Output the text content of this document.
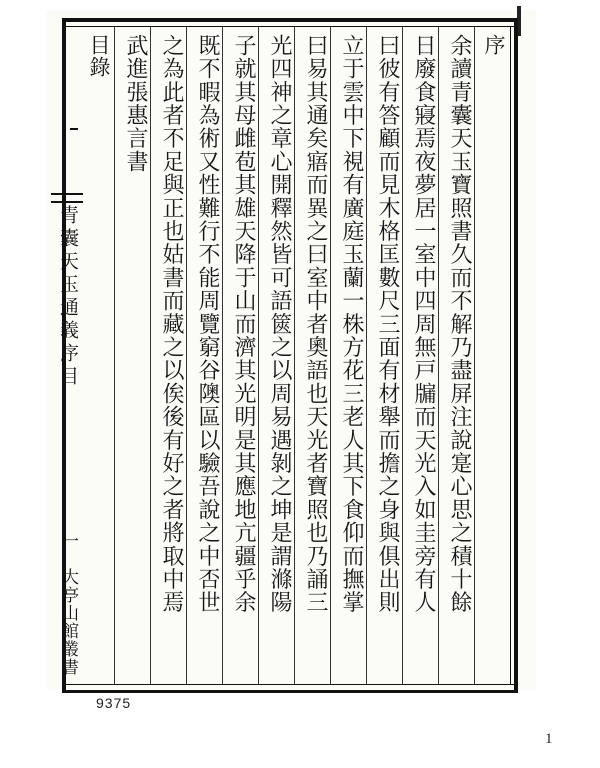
青囊天玉通義序目
一　大亭山館叢書
序
余讀青囊天玉寶照書久而不解乃盡屏注說寔心思之積十餘
日廢食寢焉夜夢居一室中四周無戸牖而天光入如圭旁有人
曰彼有答顧而見木格匡數尺三面有材舉而擔之身與俱出則
立于雲中下視有廣庭玉蘭一株方花三老人其下食仰而撫掌
曰易其通矣寤而異之曰室中者奧語也天光者寶照也乃誦三
光四神之章心開釋然皆可語篋之以周易遇剝之坤是謂滌陽
子就其母雌苞其雄天降于山而濟其光明是其應地亢疆乎余
既不暇為術又性難行不能周覽窮谷隩區以驗吾說之中否世
之為此者不足與正也姑書而藏之以俟後有好之者將取中焉
武進張惠言書
目錄
9375
1
